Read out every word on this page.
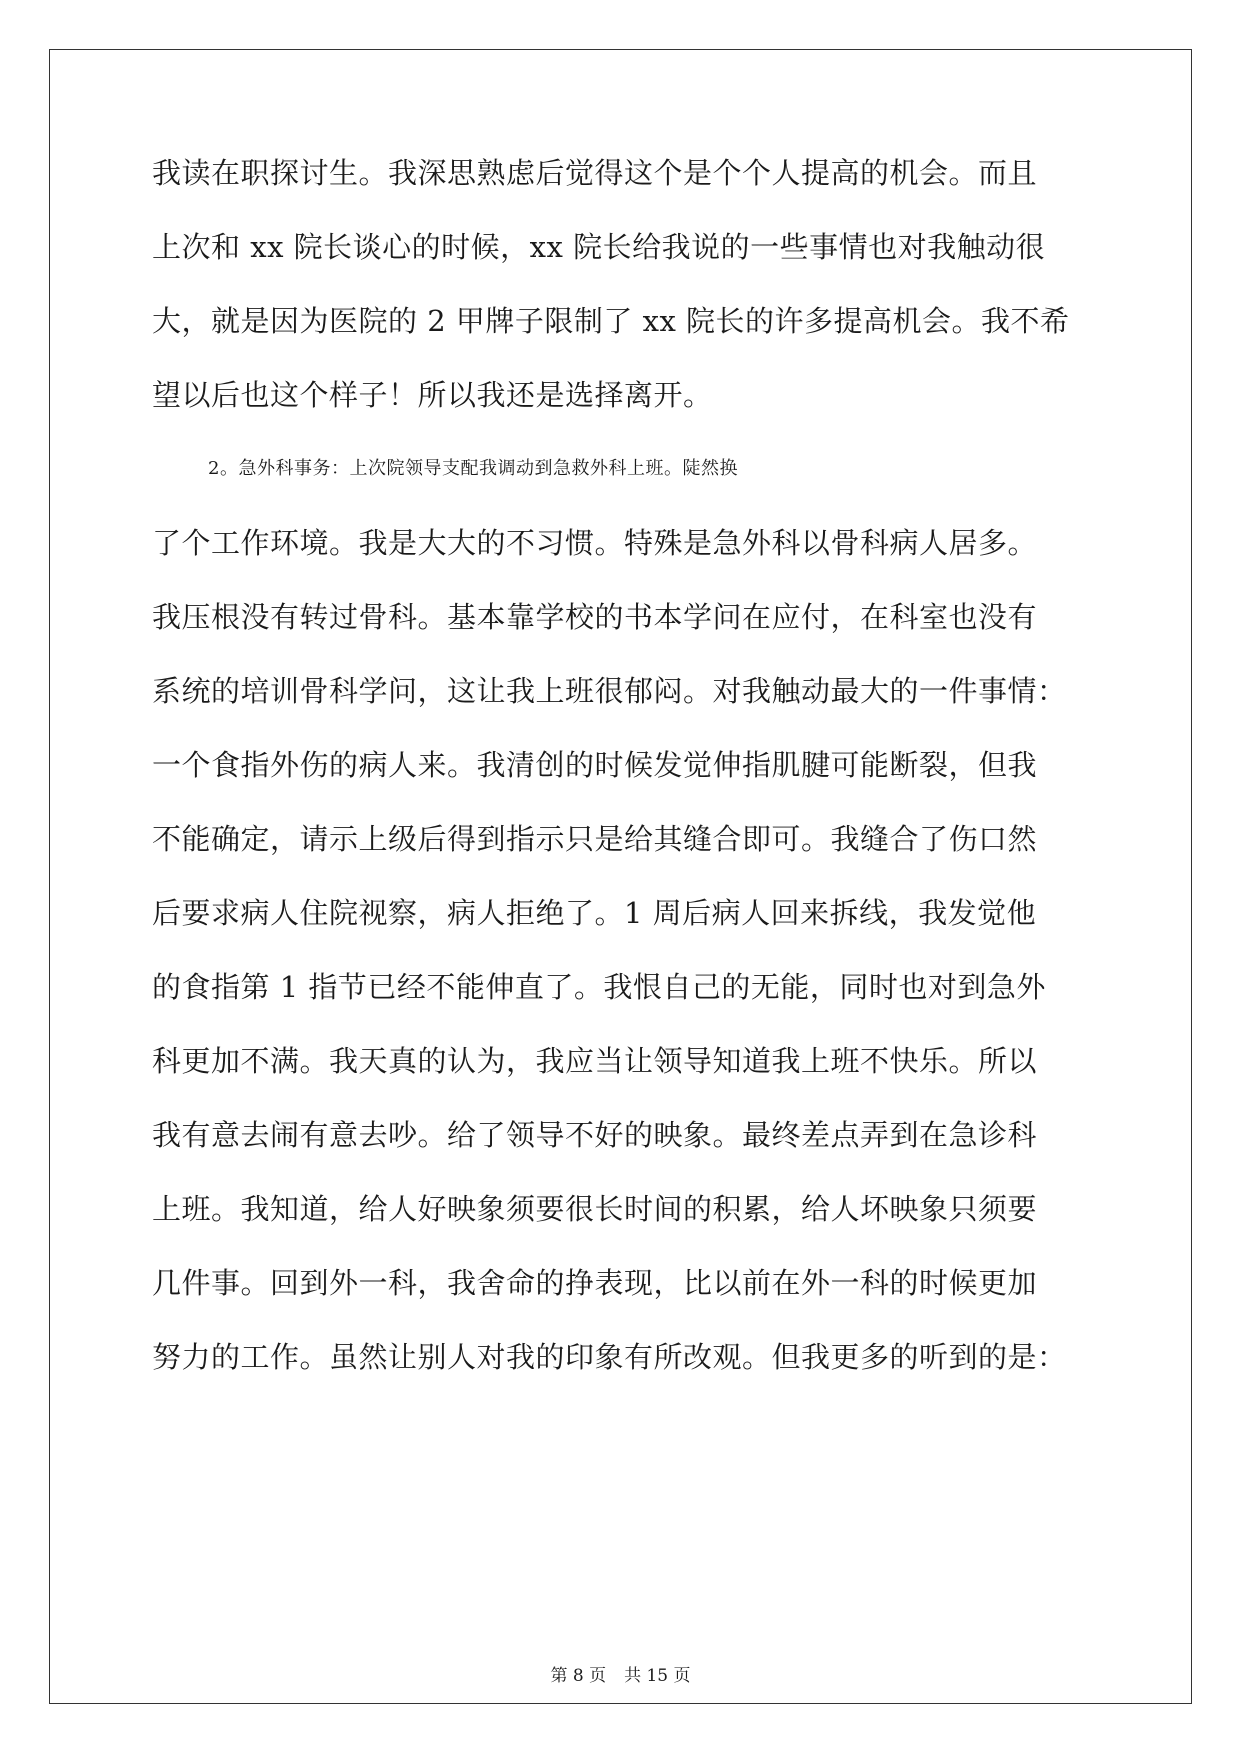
我读在职探讨生。我深思熟虑后觉得这个是个个人提高的机会。而且
上次和 xx 院长谈心的时候，xx 院长给我说的一些事情也对我触动很
大，就是因为医院的 2 甲牌子限制了 xx 院长的许多提高机会。我不希
望以后也这个样子！所以我还是选择离开。
2。急外科事务：上次院领导支配我调动到急救外科上班。陡然换
了个工作环境。我是大大的不习惯。特殊是急外科以骨科病人居多。
我压根没有转过骨科。基本靠学校的书本学问在应付，在科室也没有
系统的培训骨科学问，这让我上班很郁闷。对我触动最大的一件事情：
一个食指外伤的病人来。我清创的时候发觉伸指肌腱可能断裂，但我
不能确定，请示上级后得到指示只是给其缝合即可。我缝合了伤口然
后要求病人住院视察，病人拒绝了。1 周后病人回来拆线，我发觉他
的食指第 1 指节已经不能伸直了。我恨自己的无能，同时也对到急外
科更加不满。我天真的认为，我应当让领导知道我上班不快乐。所以
我有意去闹有意去吵。给了领导不好的映象。最终差点弄到在急诊科
上班。我知道，给人好映象须要很长时间的积累，给人坏映象只须要
几件事。回到外一科，我舍命的挣表现，比以前在外一科的时候更加
努力的工作。虽然让别人对我的印象有所改观。但我更多的听到的是：
第 8 页 共 15 页
